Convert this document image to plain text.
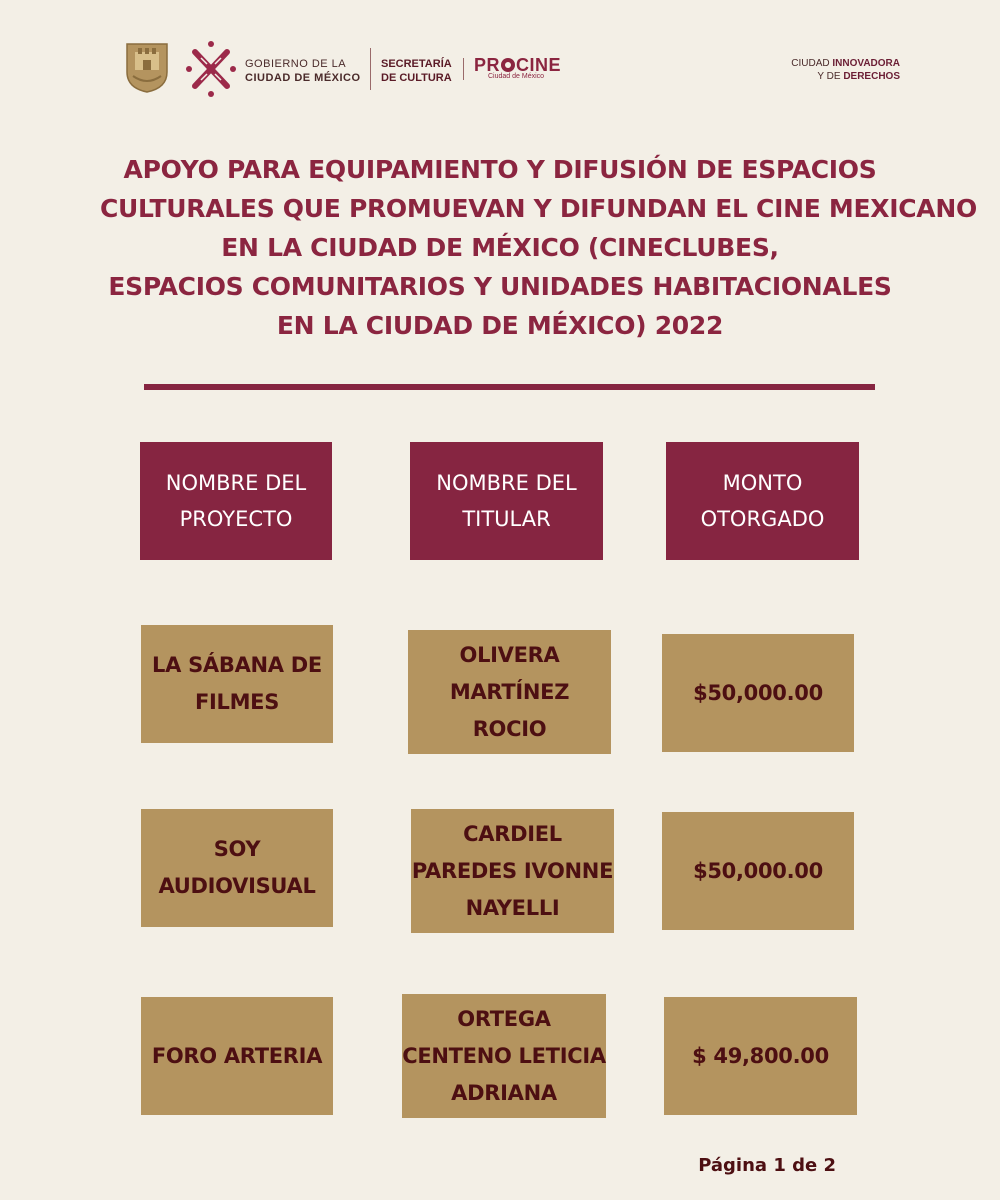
GOBIERNO DE LA
CIUDAD DE MÉXICO
SECRETARÍA
DE CULTURA
PR CINE
Ciudad de México
CIUDAD INNOVADORA
Y DE DERECHOS
APOYO PARA EQUIPAMIENTO Y DIFUSIÓN DE ESPACIOS
CULTURALES QUE PROMUEVAN Y DIFUNDAN EL CINE MEXICANO
EN LA CIUDAD DE MÉXICO (CINECLUBES,
ESPACIOS COMUNITARIOS Y UNIDADES HABITACIONALES
EN LA CIUDAD DE MÉXICO) 2022
NOMBRE DEL PROYECTO
NOMBRE DEL TITULAR
MONTO OTORGADO
LA SÁBANA DE FILMES
OLIVERA MARTÍNEZ ROCIO
$50,000.00
SOY AUDIOVISUAL
CARDIEL PAREDES IVONNE NAYELLI
$50,000.00
FORO ARTERIA
ORTEGA CENTENO LETICIA ADRIANA
$ 49,800.00
Página 1 de 2
